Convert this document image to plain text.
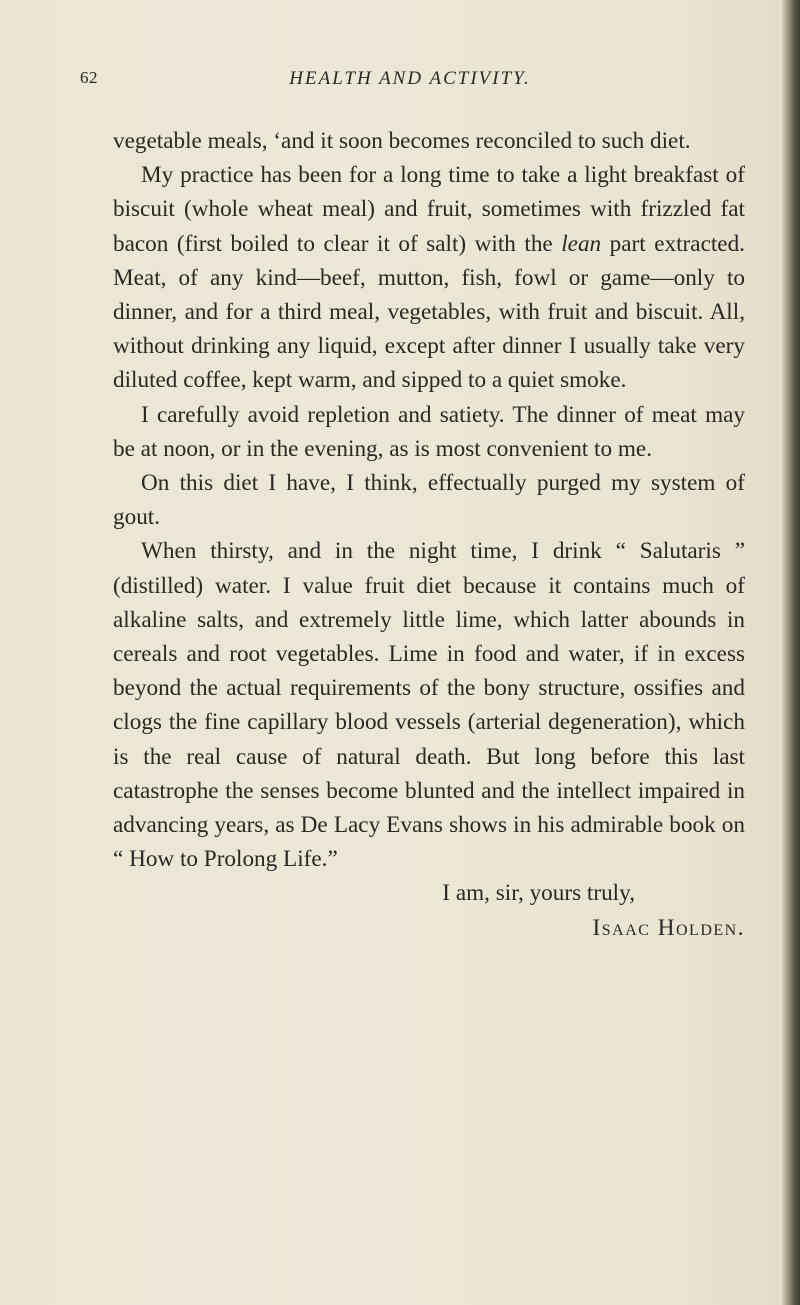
62	HEALTH AND ACTIVITY.

vegetable meals, ‘and it soon becomes reconciled to such diet.

My practice has been for a long time to take a light breakfast of biscuit (whole wheat meal) and fruit, sometimes with frizzled fat bacon (first boiled to clear it of salt) with the lean part extracted. Meat, of any kind—beef, mutton, fish, fowl or game—only to dinner, and for a third meal, vegetables, with fruit and biscuit. All, without drinking any liquid, except after dinner I usually take very diluted coffee, kept warm, and sipped to a quiet smoke.

I carefully avoid repletion and satiety. The dinner of meat may be at noon, or in the evening, as is most convenient to me.

On this diet I have, I think, effectually purged my system of gout.

When thirsty, and in the night time, I drink “ Salutaris ” (distilled) water. I value fruit diet because it contains much of alkaline salts, and extremely little lime, which latter abounds in cereals and root vegetables. Lime in food and water, if in excess beyond the actual requirements of the bony structure, ossifies and clogs the fine capillary blood vessels (arterial degeneration), which is the real cause of natural death. But long before this last catastrophe the senses become blunted and the intellect impaired in advancing years, as De Lacy Evans shows in his admirable book on “ How to Prolong Life.”

I am, sir, yours truly,

Isaac Holden.
